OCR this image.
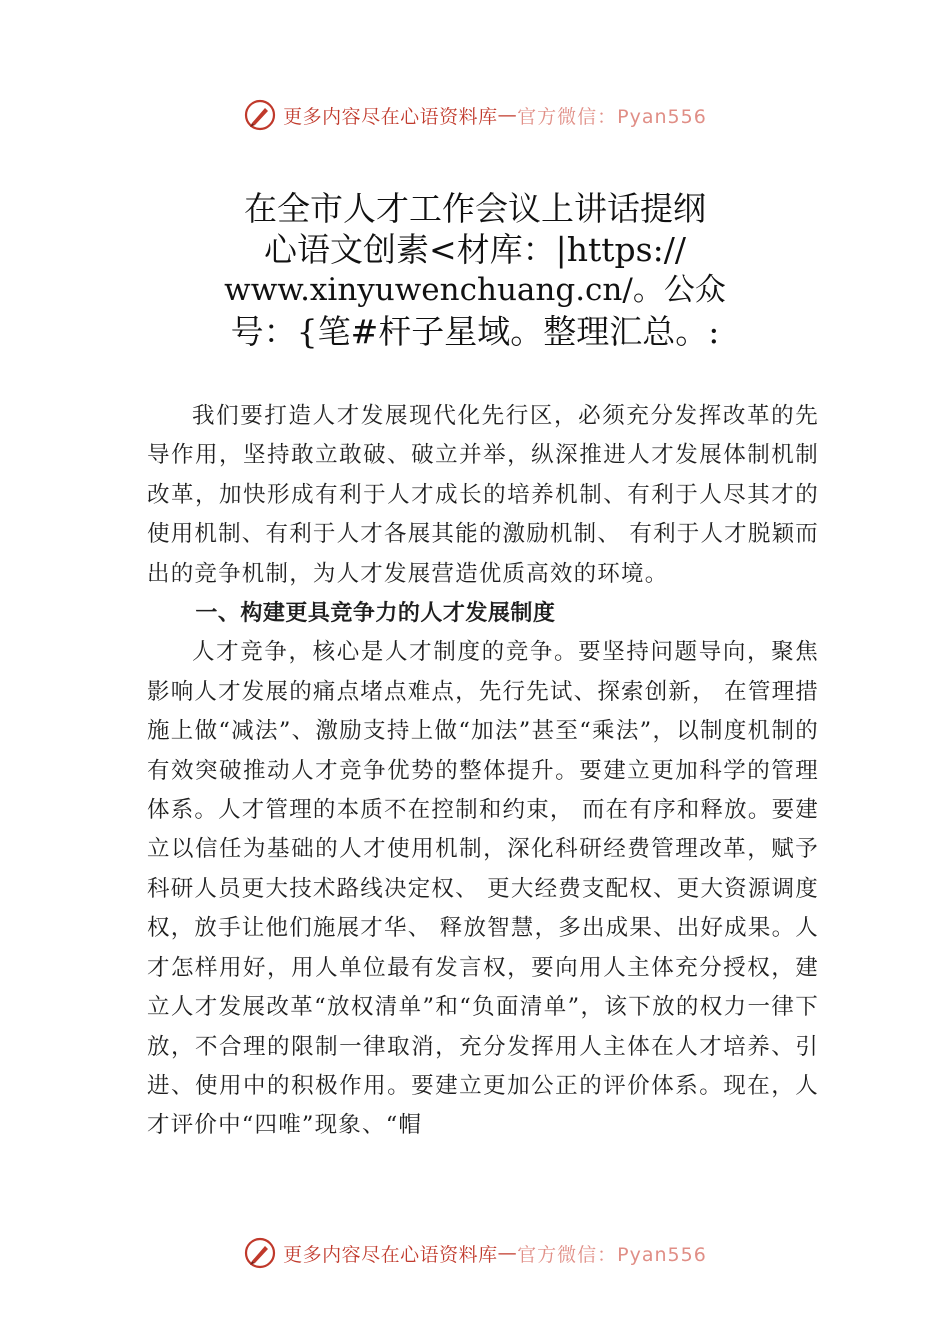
更多内容尽在心语资料库 — 官方微信：Pyan556
在全市人才工作会议上讲话提纲
心语文创素<材库：|https://
www.xinyuwenchuang.cn/。公众
号：{笔#杆子星域。整理汇总。:

我们要打造人才发展现代化先行区，必须充分发挥改革的先导作用，坚持敢立敢破、破立并举，纵深推进人才发展体制机制改革，加快形成有利于人才成长的培养机制、有利于人尽其才的使用机制、有利于人才各展其能的激励机制、 有利于人才脱颖而出的竞争机制，为人才发展营造优质高效的环境。

一、构建更具竞争力的人才发展制度

人才竞争，核心是人才制度的竞争。要坚持问题导向，聚焦影响人才发展的痛点堵点难点，先行先试、探索创新， 在管理措施上做“减法”、激励支持上做“加法”甚至“乘法”，以制度机制的有效突破推动人才竞争优势的整体提升。要建立更加科学的管理体系。人才管理的本质不在控制和约束， 而在有序和释放。要建立以信任为基础的人才使用机制，深化科研经费管理改革，赋予科研人员更大技术路线决定权、 更大经费支配权、更大资源调度权，放手让他们施展才华、 释放智慧，多出成果、出好成果。人才怎样用好，用人单位最有发言权，要向用人主体充分授权，建立人才发展改革“放权清单”和“负面清单”，该下放的权力一律下放，不合理的限制一律取消，充分发挥用人主体在人才培养、引进、使用中的积极作用。要建立更加公正的评价体系。现在，人才评价中“四唯”现象、“帽

更多内容尽在心语资料库 — 官方微信：Pyan556
